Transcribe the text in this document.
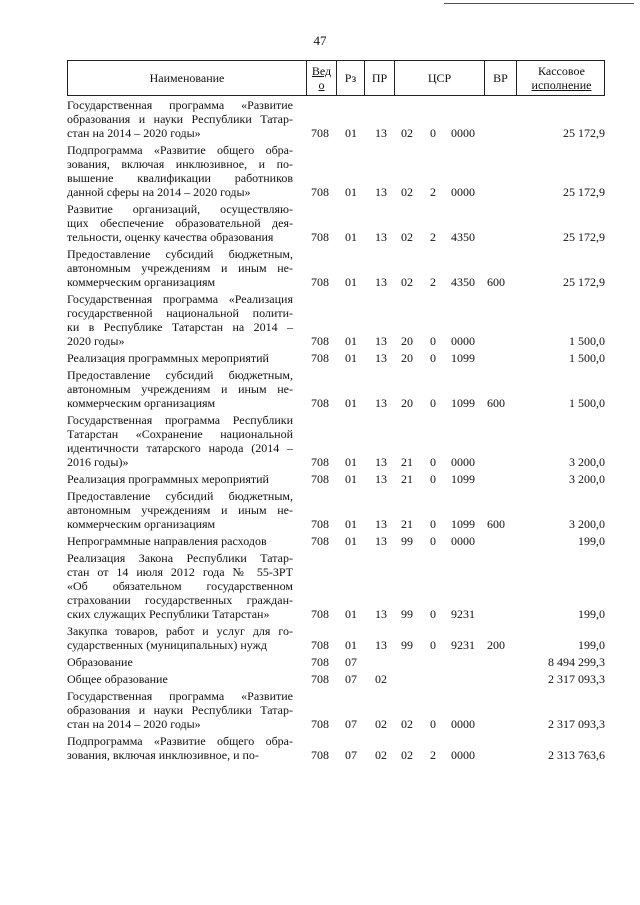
47
Наименование	Ведо	Рз	ПР	ЦСР	ВР	Кассовое
исполнение
Государственная программа «Развитие
образования и науки Республики Татар-
стан на 2014 – 2020 годы»	708 01 13 02 0 0000	25 172,9
Подпрограмма «Развитие общего обра-
зования, включая инклюзивное, и по-
вышение квалификации работников
данной сферы на 2014 – 2020 годы»	708 01 13 02 2 0000	25 172,9
Развитие организаций, осуществляю-
щих обеспечение образовательной дея-
тельности, оценку качества образования	708 01 13 02 2 4350	25 172,9
Предоставление субсидий бюджетным,
автономным учреждениям и иным не-
коммерческим организациям	708 01 13 02 2 4350 600	25 172,9
Государственная программа «Реализация
государственной национальной полити-
ки в Республике Татарстан на 2014 –
2020 годы»	708 01 13 20 0 0000	1 500,0
Реализация программных мероприятий	708 01 13 20 0 1099	1 500,0
Предоставление субсидий бюджетным,
автономным учреждениям и иным не-
коммерческим организациям	708 01 13 20 0 1099 600	1 500,0
Государственная программа Республики
Татарстан «Сохранение национальной
идентичности татарского народа (2014 –
2016 годы)»	708 01 13 21 0 0000	3 200,0
Реализация программных мероприятий	708 01 13 21 0 1099	3 200,0
Предоставление субсидий бюджетным,
автономным учреждениям и иным не-
коммерческим организациям	708 01 13 21 0 1099 600	3 200,0
Непрограммные направления расходов	708 01 13 99 0 0000	199,0
Реализация Закона Республики Татар-
стан от 14 июля 2012 года № 55-ЗРТ
«Об обязательном государственном
страховании государственных граждан-
ских служащих Республики Татарстан»	708 01 13 99 0 9231	199,0
Закупка товаров, работ и услуг для го-
сударственных (муниципальных) нужд	708 01 13 99 0 9231 200	199,0
Образование	708 07	8 494 299,3
Общее образование	708 07 02	2 317 093,3
Государственная программа «Развитие
образования и науки Республики Татар-
стан на 2014 – 2020 годы»	708 07 02 02 0 0000	2 317 093,3
Подпрограмма «Развитие общего обра-
зования, включая инклюзивное, и по-	708 07 02 02 2 0000	2 313 763,6
